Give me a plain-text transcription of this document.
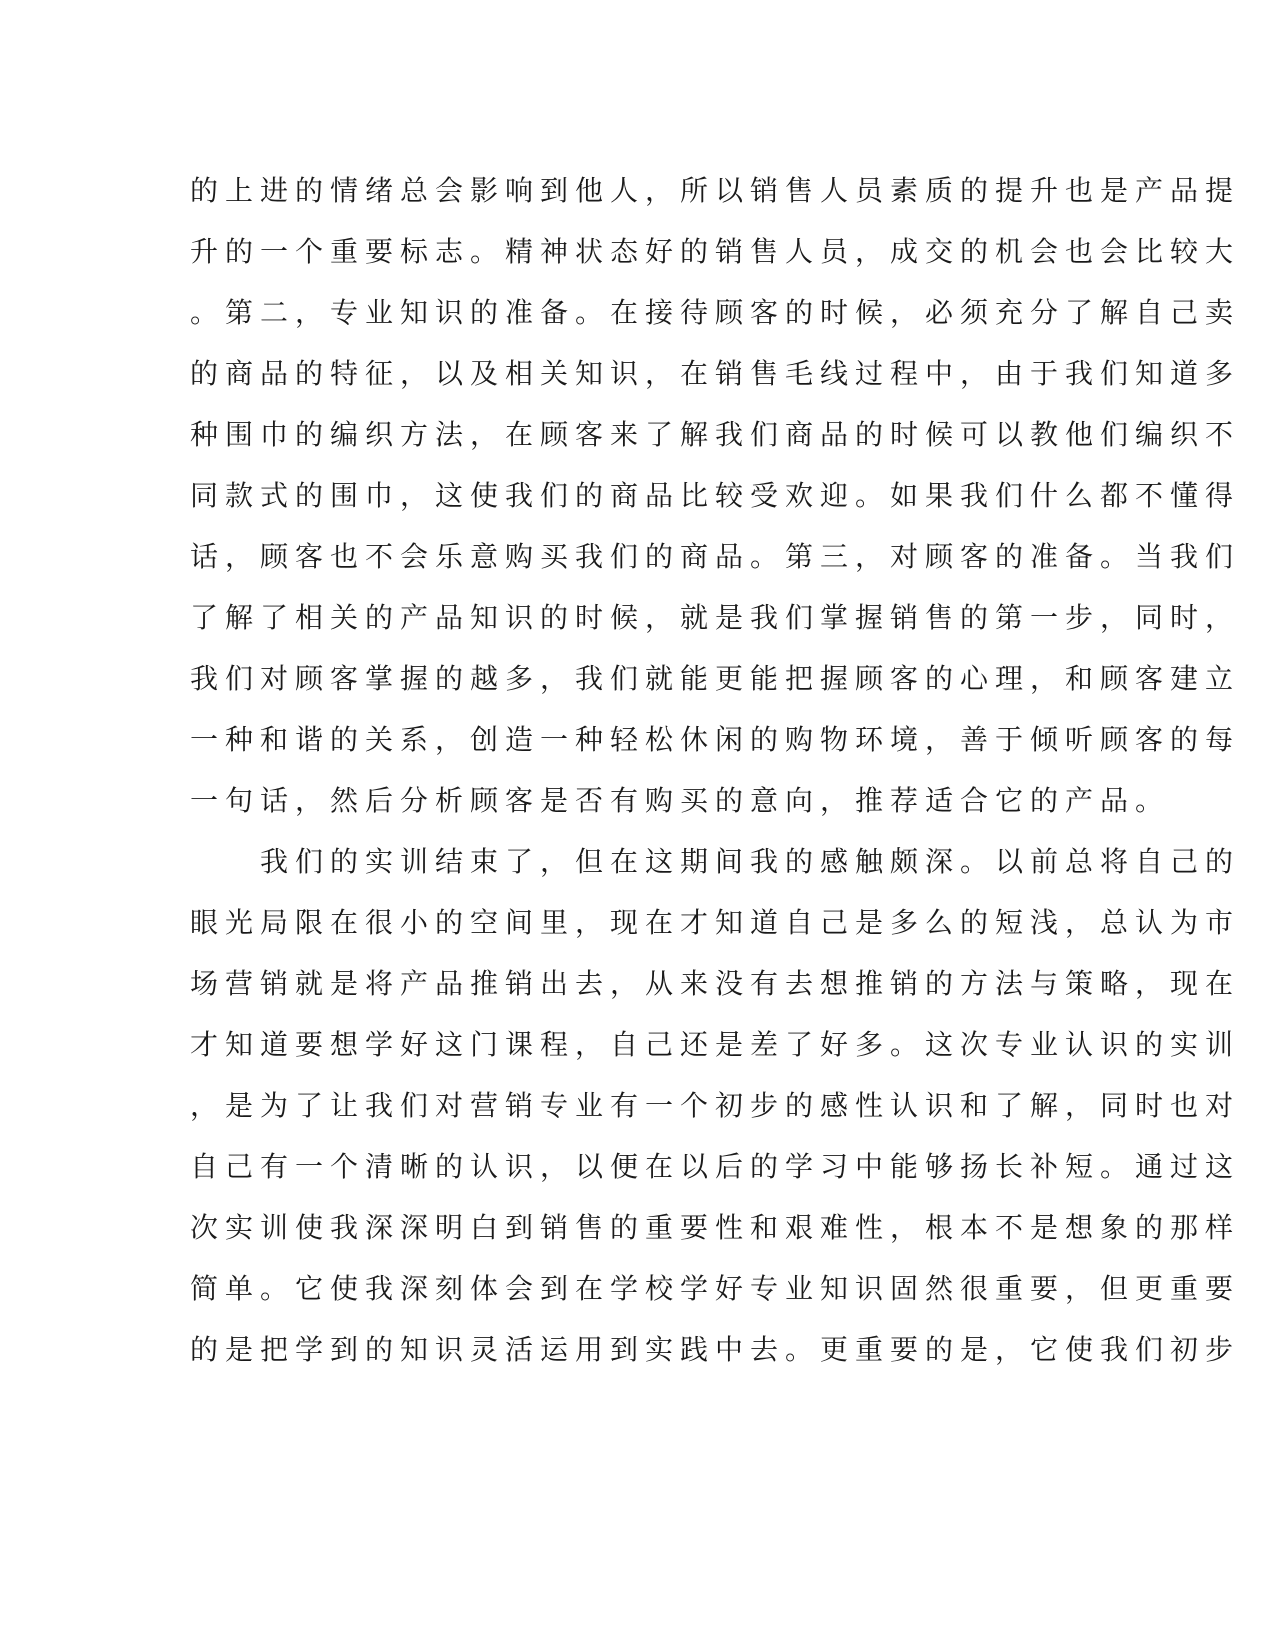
的上进的情绪总会影响到他人，所以销售人员素质的提升也是产品提
升的一个重要标志。精神状态好的销售人员，成交的机会也会比较大
。第二，专业知识的准备。在接待顾客的时候，必须充分了解自己卖
的商品的特征，以及相关知识，在销售毛线过程中，由于我们知道多
种围巾的编织方法，在顾客来了解我们商品的时候可以教他们编织不
同款式的围巾，这使我们的商品比较受欢迎。如果我们什么都不懂得
话，顾客也不会乐意购买我们的商品。第三，对顾客的准备。当我们
了解了相关的产品知识的时候，就是我们掌握销售的第一步，同时，
我们对顾客掌握的越多，我们就能更能把握顾客的心理，和顾客建立
一种和谐的关系，创造一种轻松休闲的购物环境，善于倾听顾客的每
一句话，然后分析顾客是否有购买的意向，推荐适合它的产品。
　　我们的实训结束了，但在这期间我的感触颇深。以前总将自己的
眼光局限在很小的空间里，现在才知道自己是多么的短浅，总认为市
场营销就是将产品推销出去，从来没有去想推销的方法与策略，现在
才知道要想学好这门课程，自己还是差了好多。这次专业认识的实训
，是为了让我们对营销专业有一个初步的感性认识和了解，同时也对
自己有一个清晰的认识，以便在以后的学习中能够扬长补短。通过这
次实训使我深深明白到销售的重要性和艰难性，根本不是想象的那样
简单。它使我深刻体会到在学校学好专业知识固然很重要，但更重要
的是把学到的知识灵活运用到实践中去。更重要的是，它使我们初步
